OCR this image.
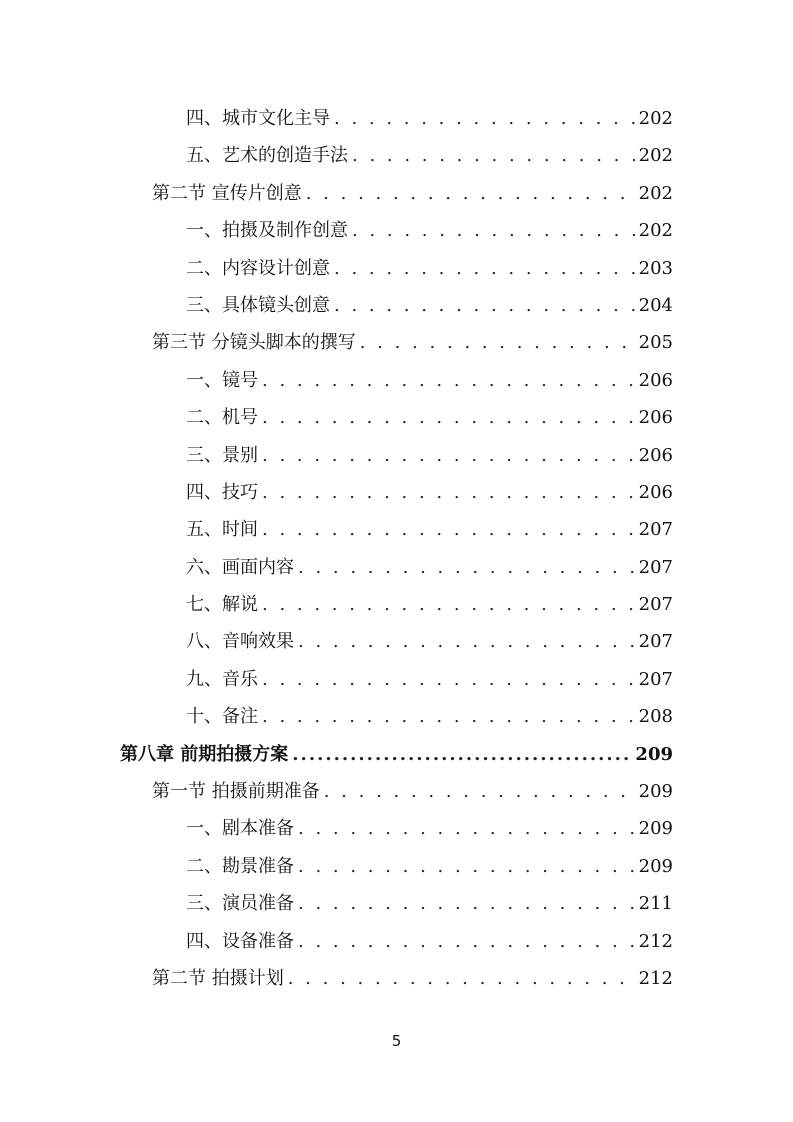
四、城市文化主导 . . .	202
五、艺术的创造手法 . . .	202
第二节 宣传片创意 . . .	202
一、拍摄及制作创意 . . .	202
二、内容设计创意 . . .	203
三、具体镜头创意 . . .	204
第三节 分镜头脚本的撰写 . . .	205
一、镜号 . . .	206
二、机号 . . .	206
三、景别 . . .	206
四、技巧 . . .	206
五、时间 . . .	207
六、画面内容 . . .	207
七、解说 . . .	207
八、音响效果 . . .	207
九、音乐 . . .	207
十、备注 . . .	208
第八章 前期拍摄方案 .....	209
第一节 拍摄前期准备 . . .	209
一、剧本准备 . . .	209
二、勘景准备 . . .	209
三、演员准备 . . .	211
四、设备准备 . . .	212
第二节 拍摄计划 . . .	212
5
